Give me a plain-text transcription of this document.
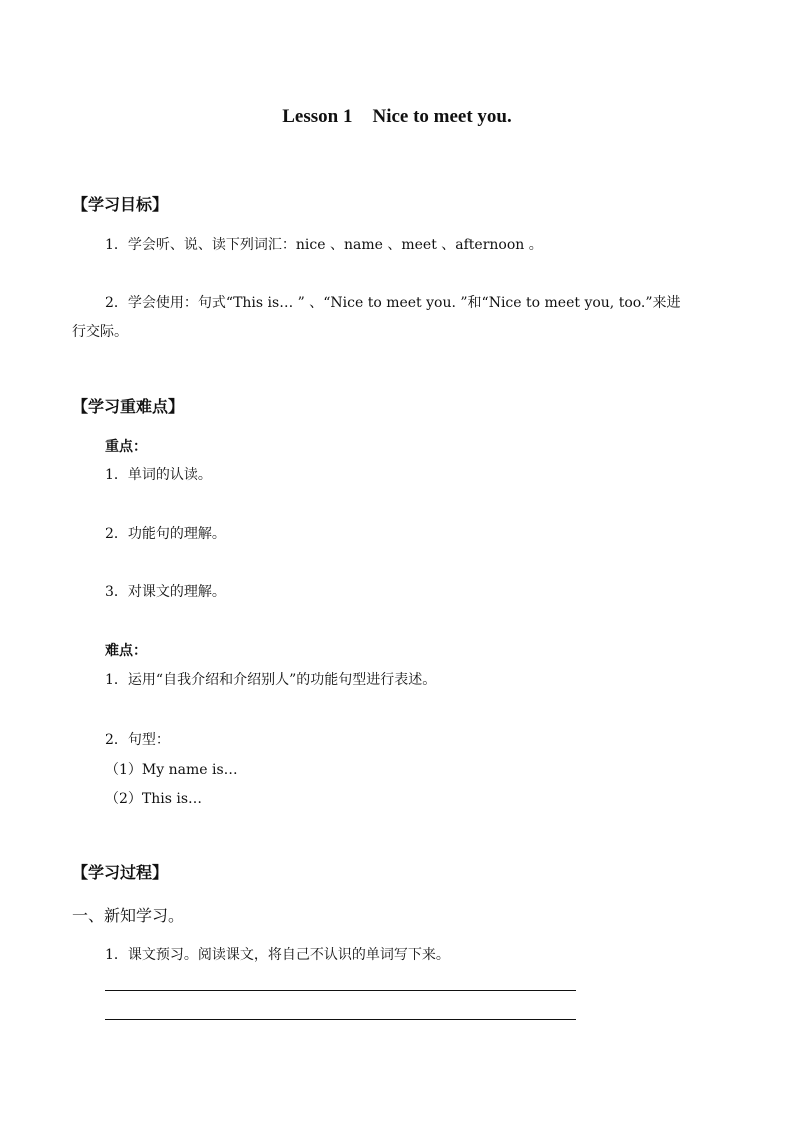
Lesson 1 Nice to meet you.
【学习目标】
1．学会听、说、读下列词汇：nice 、name 、meet 、afternoon 。
2．学会使用：句式“This is… ” 、“Nice to meet you. ”和“Nice to meet you, too.”来进
行交际。
【学习重难点】
重点：
1．单词的认读。
2．功能句的理解。
3．对课文的理解。
难点：
1．运用“自我介绍和介绍别人”的功能句型进行表述。
2．句型：
（1）My name is…
（2）This is…
【学习过程】
一、新知学习。
1．课文预习。阅读课文，将自己不认识的单词写下来。
